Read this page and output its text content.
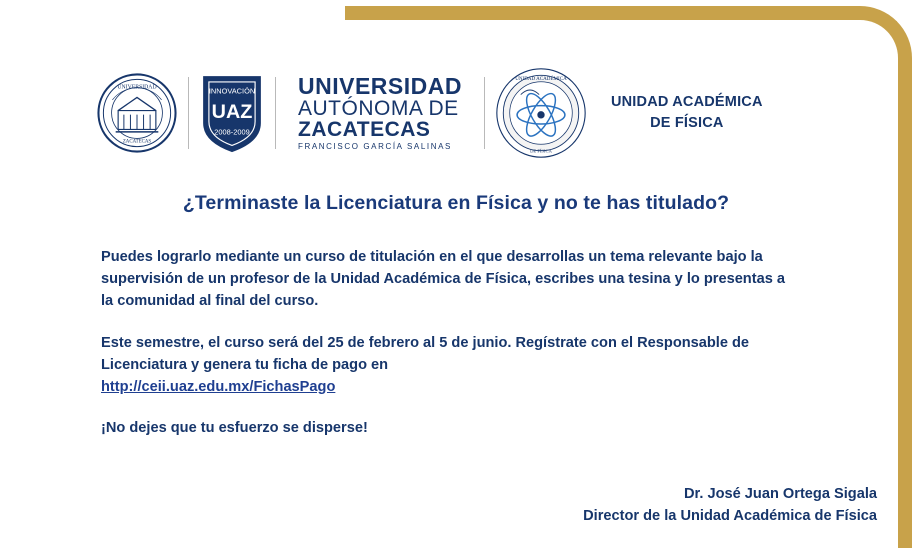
UNIVERSIDAD
ZACATECAS
INNOVACIÓN
UAZ
2008-2009
UNIVERSIDAD
AUTÓNOMA DE
ZACATECAS
FRANCISCO GARCÍA SALINAS
UNIDAD ACADÉMICA
DE FÍSICA
UNIDAD ACADÉMICA
DE FÍSICA
¿Terminaste la Licenciatura en Física y no te has titulado?

Puedes lograrlo mediante un curso de titulación en el que desarrollas un tema relevante bajo la supervisión de un profesor de la Unidad Académica de Física, escribes una tesina y lo presentas a la comunidad al final del curso.

Este semestre, el curso será del 25 de febrero al 5 de junio. Regístrate con el Responsable de Licenciatura y genera tu ficha de pago en
http://ceii.uaz.edu.mx/FichasPago

¡No dejes que tu esfuerzo se disperse!

Dr. José Juan Ortega Sigala
Director de la Unidad Académica de Física
